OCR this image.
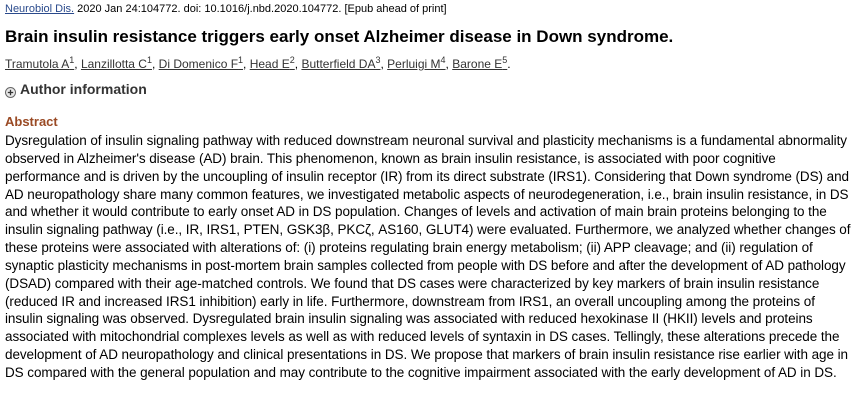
Neurobiol Dis. 2020 Jan 24:104772. doi: 10.1016/j.nbd.2020.104772. [Epub ahead of print]
Brain insulin resistance triggers early onset Alzheimer disease in Down syndrome.
Tramutola $A^1$, Lanzillotta $C^1$, Di Domenico $F^1$, Head $E^2$, Butterfield $DA^3$, Perluigi $M^4$, Barone $E^5$.
Author information
Abstract

Dysregulation of insulin signaling pathway with reduced downstream neuronal survival and plasticity mechanisms is a fundamental abnormality observed in Alzheimer's disease (AD) brain. This phenomenon, known as brain insulin resistance, is associated with poor cognitive performance and is driven by the uncoupling of insulin receptor (IR) from its direct substrate (IRS1). Considering that Down syndrome (DS) and AD neuropathology share many common features, we investigated metabolic aspects of neurodegeneration, i.e., brain insulin resistance, in DS and whether it would contribute to early onset AD in DS population. Changes of levels and activation of main brain proteins belonging to the insulin signaling pathway (i.e., IR, IRS1, PTEN, GSK3β, PKCζ, AS160, GLUT4) were evaluated. Furthermore, we analyzed whether changes of these proteins were associated with alterations of: (i) proteins regulating brain energy metabolism; (ii) APP cleavage; and (ii) regulation of synaptic plasticity mechanisms in post-mortem brain samples collected from people with DS before and after the development of AD pathology (DSAD) compared with their age-matched controls. We found that DS cases were characterized by key markers of brain insulin resistance (reduced IR and increased IRS1 inhibition) early in life. Furthermore, downstream from IRS1, an overall uncoupling among the proteins of insulin signaling was observed. Dysregulated brain insulin signaling was associated with reduced hexokinase II (HKII) levels and proteins associated with mitochondrial complexes levels as well as with reduced levels of syntaxin in DS cases. Tellingly, these alterations precede the development of AD neuropathology and clinical presentations in DS. We propose that markers of brain insulin resistance rise earlier with age in DS compared with the general population and may contribute to the cognitive impairment associated with the early development of AD in DS.
